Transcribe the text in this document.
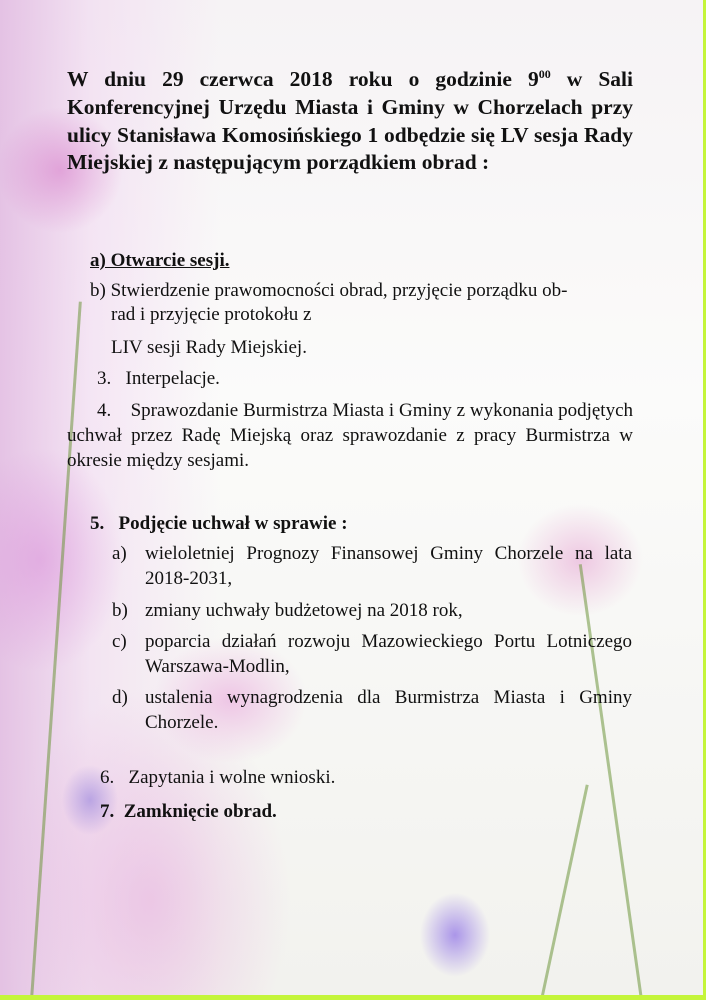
W dniu 29 czerwca 2018 roku o godzinie $9^{00}$ w Sali Konferencyjnej Urzędu Miasta i Gminy w Chorzelach przy ulicy Stanisława Komosińskiego 1 odbędzie się LV sesja Rady Miejskiej z następującym porządkiem obrad :
a) Otwarcie sesji.
b) Stwierdzenie prawomocności obrad, przyjęcie porządku ob-
rad i przyjęcie protokołu z
LIV sesji Rady Miejskiej.
3.   Interpelacje.
4. Sprawozdanie Burmistrza Miasta i Gminy z wykonania podjętych uchwał przez Radę Miejską oraz sprawozdanie z pracy Burmistrza w okresie między sesjami.
5.   Podjęcie uchwał w sprawie :
a) wieloletniej Prognozy Finansowej Gminy Chorzele na lata 2018-2031,
b) zmiany uchwały budżetowej na 2018 rok,
c) poparcia działań rozwoju Mazowieckiego Portu Lotniczego Warszawa-Modlin,
d) ustalenia wynagrodzenia dla Burmistrza Miasta i Gminy Chorzele.
6.   Zapytania i wolne wnioski.
7.  Zamknięcie obrad.
